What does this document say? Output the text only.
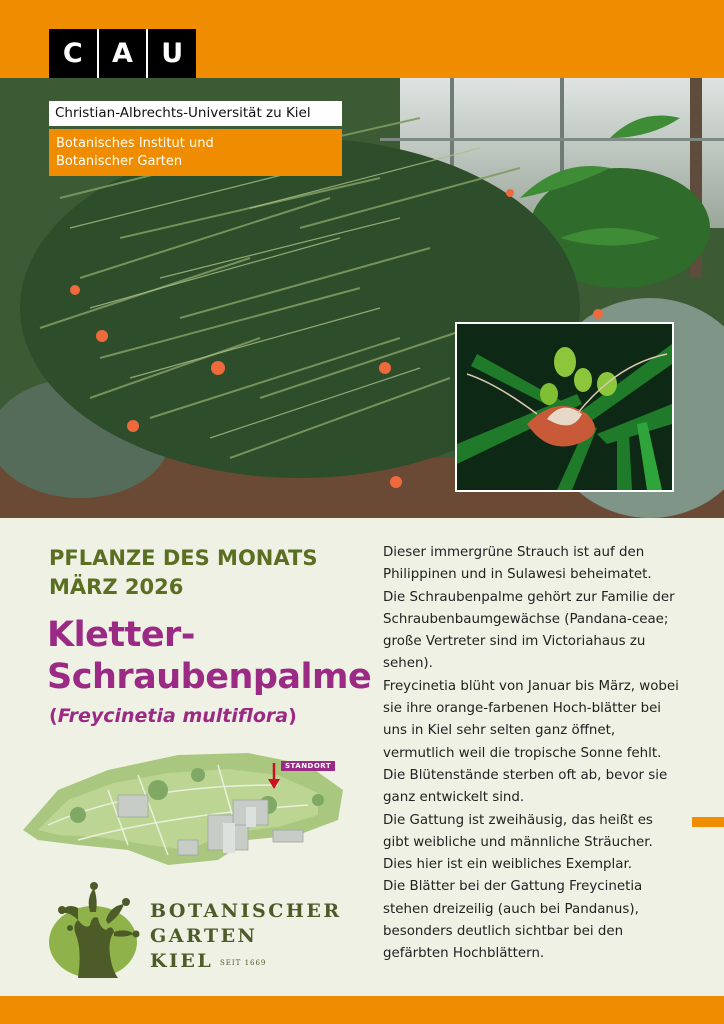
C	A	U
Christian-Albrechts-Universität zu Kiel
Botanisches Institut und
Botanischer Garten
PFLANZE DES MONATS
MÄRZ 2026
Kletter-
Schraubenpalme
(Freycinetia multiflora)

Dieser immergrüne Strauch ist auf den Philippinen und in Sulawesi beheimatet.

Die Schraubenpalme gehört zur Familie der Schraubenbaumgewächse (Pandana-ceae; große Vertreter sind im Victoriahaus zu sehen).

Freycinetia blüht von Januar bis März, wobei sie ihre orange-farbenen Hoch-blätter bei uns in Kiel sehr selten ganz öffnet, vermutlich weil die tropische Sonne fehlt. Die Blütenstände sterben oft ab, bevor sie ganz entwickelt sind.

Die Gattung ist zweihäusig, das heißt es gibt weibliche und männliche Sträucher. Dies hier ist ein weibliches Exemplar.

Die Blätter bei der Gattung Freycinetia stehen dreizeilig (auch bei Pandanus), besonders deutlich sichtbar bei den gefärbten Hochblättern.

STANDORT
BOTANISCHER
GARTEN
KIEL SEIT 1669
